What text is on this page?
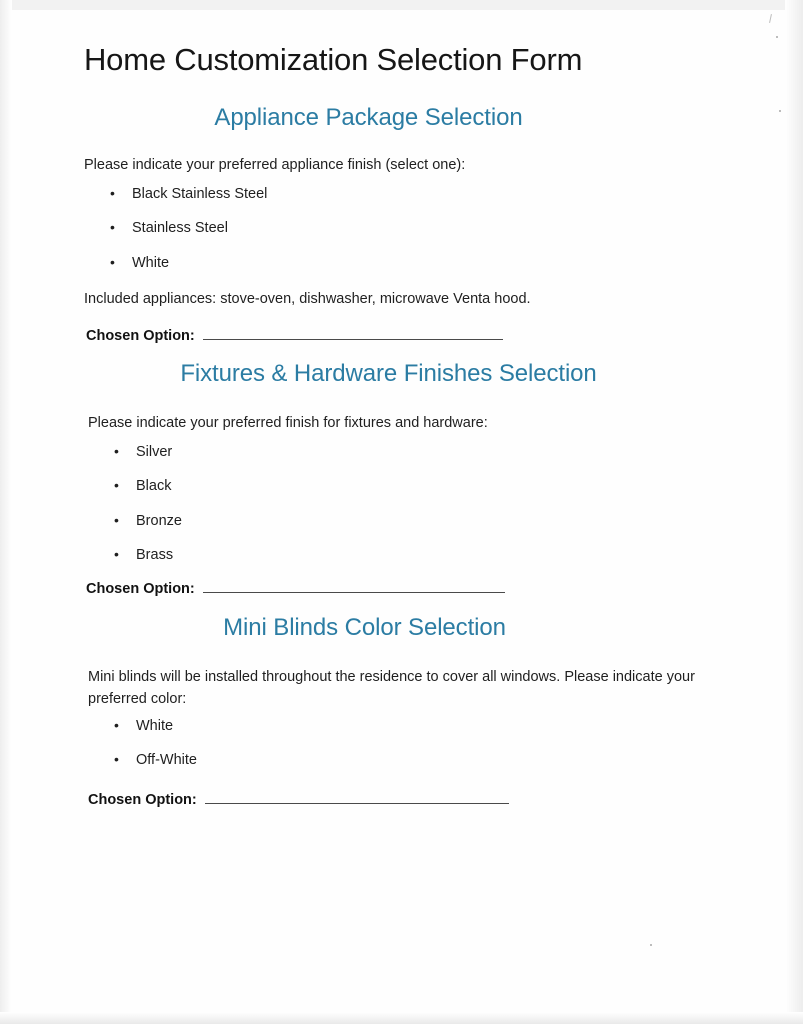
Home Customization Selection Form
Appliance Package Selection

Please indicate your preferred appliance finish (select one):

• Black Stainless Steel
• Stainless Steel
• White

Included appliances: stove-oven, dishwasher, microwave Venta hood.

Chosen Option:
Fixtures & Hardware Finishes Selection

Please indicate your preferred finish for fixtures and hardware:

• Silver
• Black
• Bronze
• Brass
Chosen Option:
Mini Blinds Color Selection

Mini blinds will be installed throughout the residence to cover all windows. Please indicate your preferred color:

• White
• Off-White
Chosen Option:
